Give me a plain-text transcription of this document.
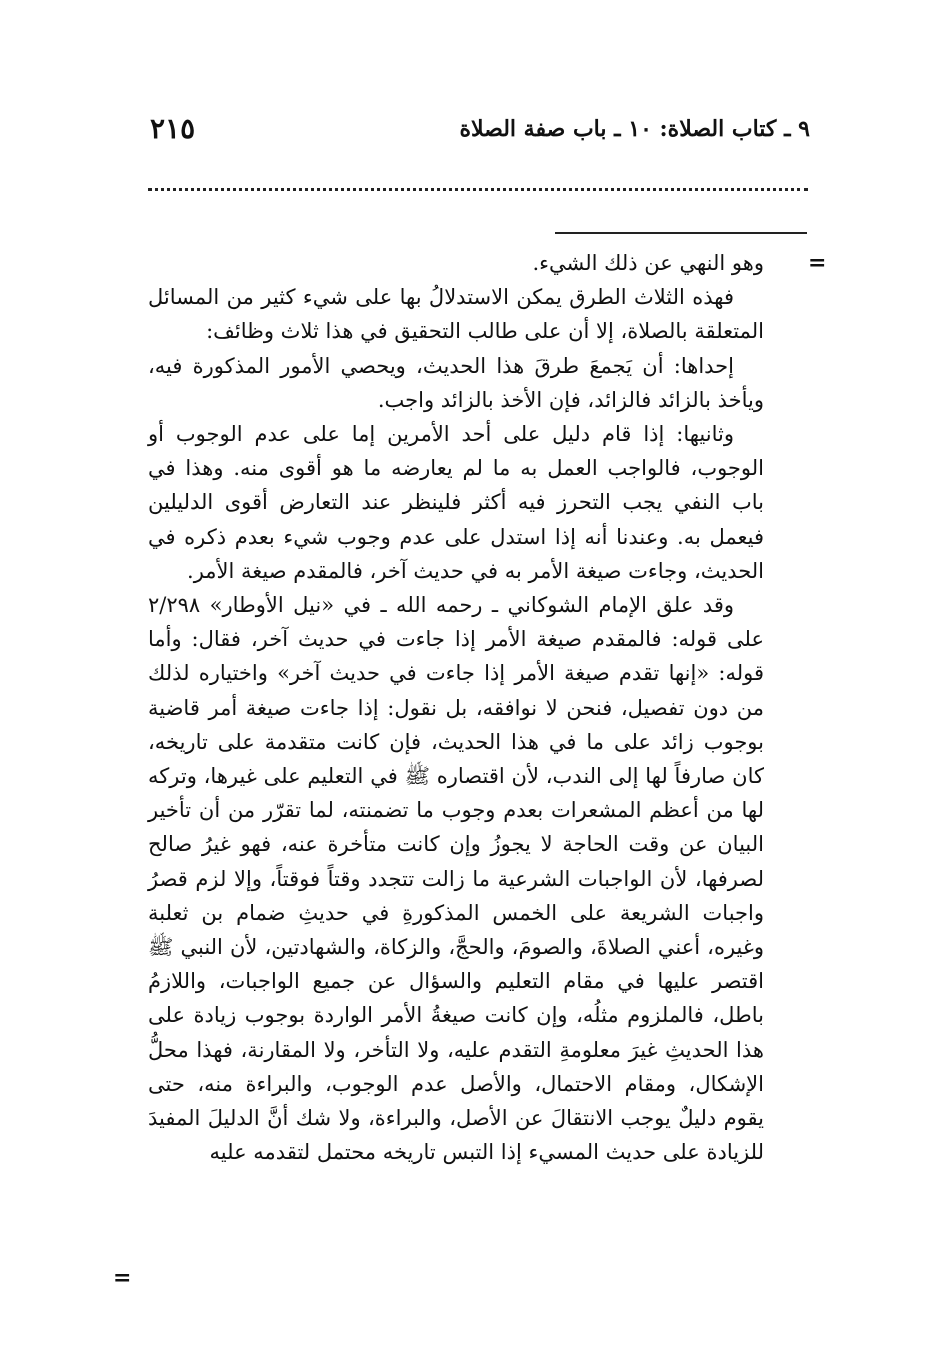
٩ ـ كتاب الصلاة: ١٠ ـ باب صفة الصلاة
٢١٥
=

وهو النهي عن ذلك الشيء.

فهذه الثلاث الطرق يمكن الاستدلالُ بها على شيء كثير من المسائل المتعلقة بالصلاة، إلا أن على طالب التحقيق في هذا ثلاث وظائف:

إحداها: أن يَجمعَ طرقَ هذا الحديث، ويحصي الأمور المذكورة فيه، ويأخذ بالزائد فالزائد، فإن الأخذ بالزائد واجب.

وثانيها: إذا قام دليل على أحد الأمرين إما على عدم الوجوب أو الوجوب، فالواجب العمل به ما لم يعارضه ما هو أقوى منه. وهذا في باب النفي يجب التحرز فيه أكثر فلينظر عند التعارض أقوى الدليلين فيعمل به. وعندنا أنه إذا استدل على عدم وجوب شيء بعدم ذكره في الحديث، وجاءت صيغة الأمر به في حديث آخر، فالمقدم صيغة الأمر.

وقد علق الإمام الشوكاني ـ رحمه الله ـ في «نيل الأوطار» ٢/٢٩٨ على قوله: فالمقدم صيغة الأمر إذا جاءت في حديث آخر، فقال: وأما قوله: «إنها تقدم صيغة الأمر إذا جاءت في حديث آخر» واختياره لذلك من دون تفصيل، فنحن لا نوافقه، بل نقول: إذا جاءت صيغة أمر قاضية بوجوب زائد على ما في هذا الحديث، فإن كانت متقدمة على تاريخه، كان صارفاً لها إلى الندب، لأن اقتصاره ﷺ في التعليم على غيرها، وتركه لها من أعظم المشعرات بعدم وجوب ما تضمنته، لما تقرّر من أن تأخير البيان عن وقت الحاجة لا يجوزُ وإن كانت متأخرة عنه، فهو غيرُ صالح لصرفها، لأن الواجبات الشرعية ما زالت تتجدد وقتاً فوقتاً، وإلا لزم قصرُ واجبات الشريعة على الخمس المذكورةِ في حديثِ ضمام بن ثعلبة وغيره، أعني الصلاةَ، والصومَ، والحجَّ، والزكاة، والشهادتين، لأن النبي ﷺ اقتصر عليها في مقام التعليم والسؤال عن جميع الواجبات، واللازمُ باطل، فالملزوم مثلُه، وإن كانت صيغةُ الأمر الواردة بوجوب زيادة على هذا الحديثِ غيرَ معلومةِ التقدم عليه، ولا التأخر، ولا المقارنة، فهذا محلُّ الإشكال، ومقام الاحتمال، والأصل عدم الوجوب، والبراءة منه، حتى يقوم دليلٌ يوجب الانتقالَ عن الأصل، والبراءة، ولا شك أنَّ الدليلَ المفيدَ للزيادة على حديث المسيء إذا التبس تاريخه محتمل لتقدمه عليه

=
